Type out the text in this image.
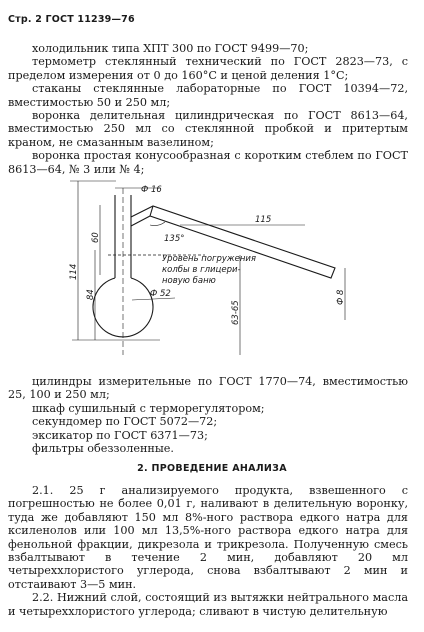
Стр. 2 ГОСТ 11239—76

холодильник типа ХПТ 300 по ГОСТ 9499—70;

термометр стеклянный технический по ГОСТ 2823—73, с пределом измерения от 0 до 160°С и ценой деления 1°С;

стаканы стеклянные лабораторные по ГОСТ 10394—72, вместимостью 50 и 250 мл;

воронка делительная цилиндрическая по ГОСТ 8613—64, вместимостью 250 мл со стеклянной пробкой и притертым краном, не смазанным вазелином;

воронка простая конусообразная с коротким стеблем по ГОСТ 8613—64, № 3 или № 4;

Ф 16
60
114
84
115
135°
Ф 52
63-65
Ф 8
Уровень погружения
колбы в глицери-
новую баню

цилиндры измерительные по ГОСТ 1770—74, вместимостью 25, 100 и 250 мл;

шкаф сушильный с терморегулятором;

секундомер по ГОСТ 5072—72;

эксикатор по ГОСТ 6371—73;

фильтры обеззоленные.

2. ПРОВЕДЕНИЕ АНАЛИЗА

2.1. 25 г анализируемого продукта, взвешенного с погрешностью не более 0,01 г, наливают в делительную воронку, туда же добавляют 150 мл 8%-ного раствора едкого натра для ксиленолов или 100 мл 13,5%-ного раствора едкого натра для фенольной фракции, дикрезола и трикрезола. Полученную смесь взбалтывают в течение 2 мин, добавляют 20 мл четыреххлористого углерода, снова взбалтывают 2 мин и отстаивают 3—5 мин.

2.2. Нижний слой, состоящий из вытяжки нейтрального масла и четыреххлористого углерода; сливают в чистую делительную
